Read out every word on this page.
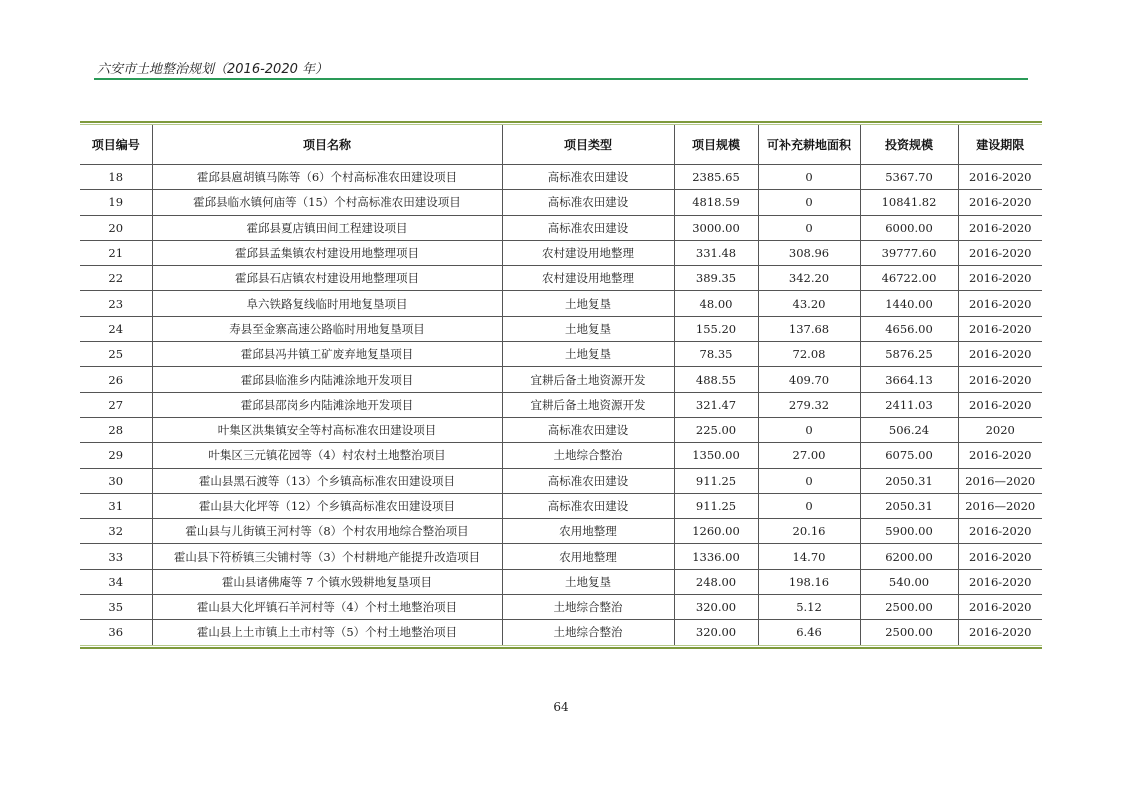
六安市土地整治规划（2016-2020 年）
项目编号	项目名称	项目类型	项目规模	可补充耕地面积	投资规模	建设期限
18	霍邱县扈胡镇马陈等（6）个村高标准农田建设项目	高标准农田建设	2385.65	0	5367.70	2016-2020
19	霍邱县临水镇何庙等（15）个村高标准农田建设项目	高标准农田建设	4818.59	0	10841.82	2016-2020
20	霍邱县夏店镇田间工程建设项目	高标准农田建设	3000.00	0	6000.00	2016-2020
21	霍邱县孟集镇农村建设用地整理项目	农村建设用地整理	331.48	308.96	39777.60	2016-2020
22	霍邱县石店镇农村建设用地整理项目	农村建设用地整理	389.35	342.20	46722.00	2016-2020
23	阜六铁路复线临时用地复垦项目	土地复垦	48.00	43.20	1440.00	2016-2020
24	寿县至金寨高速公路临时用地复垦项目	土地复垦	155.20	137.68	4656.00	2016-2020
25	霍邱县冯井镇工矿废弃地复垦项目	土地复垦	78.35	72.08	5876.25	2016-2020
26	霍邱县临淮乡内陆滩涂地开发项目	宜耕后备土地资源开发	488.55	409.70	3664.13	2016-2020
27	霍邱县邵岗乡内陆滩涂地开发项目	宜耕后备土地资源开发	321.47	279.32	2411.03	2016-2020
28	叶集区洪集镇安全等村高标准农田建设项目	高标准农田建设	225.00	0	506.24	2020
29	叶集区三元镇花园等（4）村农村土地整治项目	土地综合整治	1350.00	27.00	6075.00	2016-2020
30	霍山县黑石渡等（13）个乡镇高标准农田建设项目	高标准农田建设	911.25	0	2050.31	2016—2020
31	霍山县大化坪等（12）个乡镇高标准农田建设项目	高标准农田建设	911.25	0	2050.31	2016—2020
32	霍山县与儿街镇王河村等（8）个村农用地综合整治项目	农用地整理	1260.00	20.16	5900.00	2016-2020
33	霍山县下符桥镇三尖铺村等（3）个村耕地产能提升改造项目	农用地整理	1336.00	14.70	6200.00	2016-2020
34	霍山县诸佛庵等 7 个镇水毁耕地复垦项目	土地复垦	248.00	198.16	540.00	2016-2020
35	霍山县大化坪镇石羊河村等（4）个村土地整治项目	土地综合整治	320.00	5.12	2500.00	2016-2020
36	霍山县上土市镇上土市村等（5）个村土地整治项目	土地综合整治	320.00	6.46	2500.00	2016-2020
64
